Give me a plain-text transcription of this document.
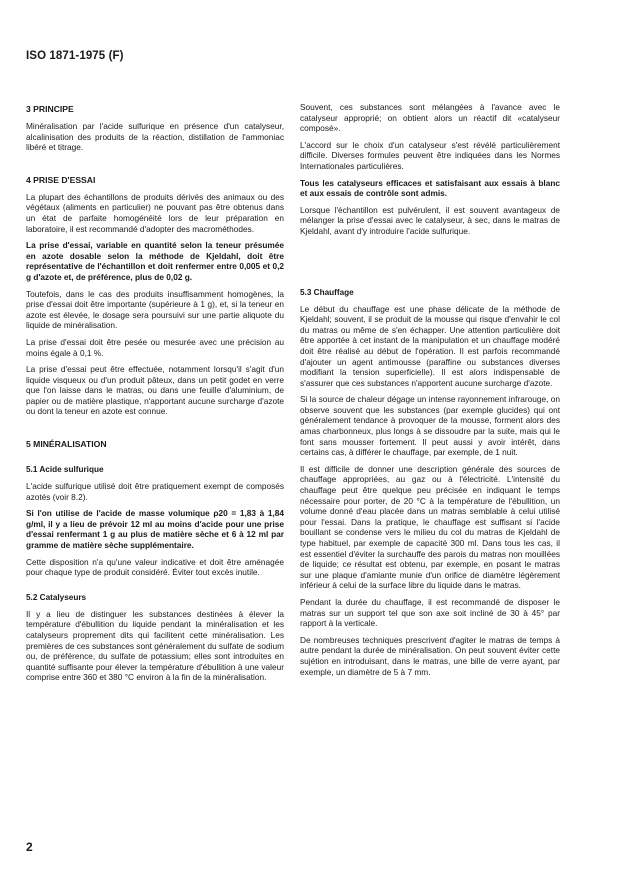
ISO 1871-1975 (F)
3 PRINCIPE

Minéralisation par l'acide sulfurique en présence d'un catalyseur, alcalinisation des produits de la réaction, distillation de l'ammoniac libéré et titrage.

4 PRISE D'ESSAI

La plupart des échantillons de produits dérivés des animaux ou des végétaux (aliments en particulier) ne pouvant pas être obtenus dans un état de parfaite homogénéité lors de leur préparation en laboratoire, il est recommandé d'adopter des macrométhodes.

La prise d'essai, variable en quantité selon la teneur présumée en azote dosable selon la méthode de Kjeldahl, doit être représentative de l'échantillon et doit renfermer entre 0,005 et 0,2 g d'azote et, de préférence, plus de 0,02 g.

Toutefois, dans le cas des produits insuffisamment homogènes, la prise d'essai doit être importante (supérieure à 1 g), et, si la teneur en azote est élevée, le dosage sera poursuivi sur une partie aliquote du liquide de minéralisation.

La prise d'essai doit être pesée ou mesurée avec une précision au moins égale à 0,1 %.

La prise d'essai peut être effectuée, notamment lorsqu'il s'agit d'un liquide visqueux ou d'un produit pâteux, dans un petit godet en verre que l'on laisse dans le matras, ou dans une feuille d'aluminium, de papier ou de matière plastique, n'apportant aucune surcharge d'azote ou dont la teneur en azote est connue.

5 MINÉRALISATION
5.1 Acide sulfurique

L'acide sulfurique utilisé doit être pratiquement exempt de composés azotés (voir 8.2).

Si l'on utilise de l'acide de masse volumique ρ20 = 1,83 à 1,84 g/ml, il y a lieu de prévoir 12 ml au moins d'acide pour une prise d'essai renfermant 1 g au plus de matière sèche et 6 à 12 ml par gramme de matière sèche supplémentaire.

Cette disposition n'a qu'une valeur indicative et doit être aménagée pour chaque type de produit considéré. Éviter tout excès inutile.

5.2 Catalyseurs

Il y a lieu de distinguer les substances destinées à élever la température d'ébullition du liquide pendant la minéralisation et les catalyseurs proprement dits qui facilitent cette minéralisation. Les premières de ces substances sont généralement du sulfate de sodium ou, de préférence, du sulfate de potassium; elles sont introduites en quantité suffisante pour élever la température d'ébullition à une valeur comprise entre 360 et 380 °C environ à la fin de la minéralisation.

Souvent, ces substances sont mélangées à l'avance avec le catalyseur approprié; on obtient alors un réactif dit «catalyseur composé».

L'accord sur le choix d'un catalyseur s'est révélé particulièrement difficile. Diverses formules peuvent être indiquées dans les Normes Internationales particulières.

Tous les catalyseurs efficaces et satisfaisant aux essais à blanc et aux essais de contrôle sont admis.

Lorsque l'échantillon est pulvérulent, il est souvent avantageux de mélanger la prise d'essai avec le catalyseur, à sec, dans le matras de Kjeldahl, avant d'y introduire l'acide sulfurique.

5.3 Chauffage

Le début du chauffage est une phase délicate de la méthode de Kjeldahl; souvent, il se produit de la mousse qui risque d'envahir le col du matras ou même de s'en échapper. Une attention particulière doit être apportée à cet instant de la manipulation et un chauffage modéré doit être réalisé au début de l'opération. Il est parfois recommandé d'ajouter un agent antimousse (paraffine ou substances diverses modifiant la tension superficielle). Il est alors indispensable de s'assurer que ces substances n'apportent aucune surcharge d'azote.

Si la source de chaleur dégage un intense rayonnement infrarouge, on observe souvent que les substances (par exemple glucides) qui ont généralement tendance à provoquer de la mousse, forment alors des amas charbonneux, plus longs à se dissoudre par la suite, mais qui le font sans mousser fortement. Il peut aussi y avoir intérêt, dans certains cas, à différer le chauffage, par exemple, de 1 nuit.

Il est difficile de donner une description générale des sources de chauffage appropriées, au gaz ou à l'électricité. L'intensité du chauffage peut être quelque peu précisée en indiquant le temps nécessaire pour porter, de 20 °C à la température de l'ébullition, un volume donné d'eau placée dans un matras semblable à celui utilisé pour l'essai. Dans la pratique, le chauffage est suffisant si l'acide bouillant se condense vers le milieu du col du matras de Kjeldahl de type habituel, par exemple de capacité 300 ml. Dans tous les cas, il est essentiel d'éviter la surchauffe des parois du matras non mouillées de liquide; ce résultat est obtenu, par exemple, en posant le matras sur une plaque d'amiante munie d'un orifice de diamètre légèrement inférieur à celui de la surface libre du liquide dans le matras.

Pendant la durée du chauffage, il est recommandé de disposer le matras sur un support tel que son axe soit incliné de 30 à 45° par rapport à la verticale.

De nombreuses techniques prescrivent d'agiter le matras de temps à autre pendant la durée de minéralisation. On peut souvent éviter cette sujétion en introduisant, dans le matras, une bille de verre ayant, par exemple, un diamètre de 5 à 7 mm.

2
